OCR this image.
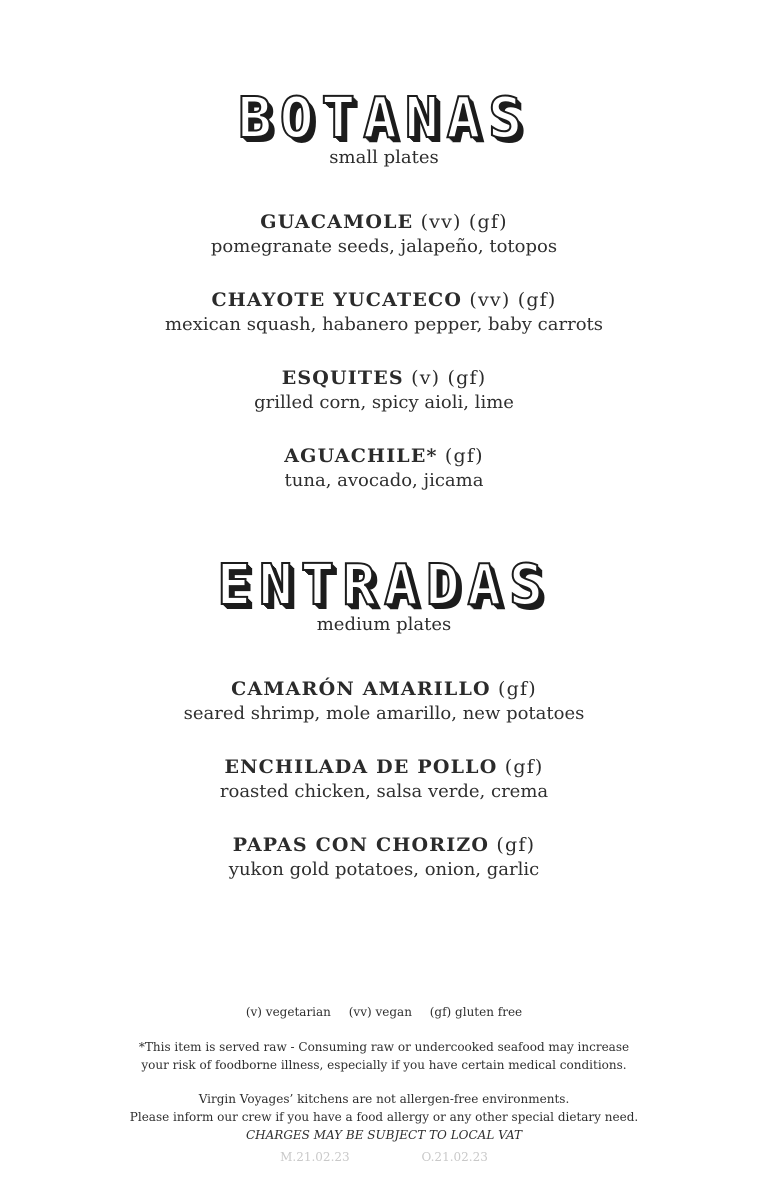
BOTANAS
small plates
GUACAMOLE (vv) (gf)
pomegranate seeds, jalapeño, totopos
CHAYOTE YUCATECO (vv) (gf)
mexican squash, habanero pepper, baby carrots
ESQUITES (v) (gf)
grilled corn, spicy aioli, lime
AGUACHILE* (gf)
tuna, avocado, jicama
ENTRADAS
medium plates
CAMARÓN AMARILLO (gf)
seared shrimp, mole amarillo, new potatoes
ENCHILADA DE POLLO (gf)
roasted chicken, salsa verde, crema
PAPAS CON CHORIZO (gf)
yukon gold potatoes, onion, garlic
(v) vegetarian (vv) vegan (gf) gluten free
*This item is served raw - Consuming raw or undercooked seafood may increase
your risk of foodborne illness, especially if you have certain medical conditions.
Virgin Voyages’ kitchens are not allergen-free environments.
Please inform our crew if you have a food allergy or any other special dietary need.
CHARGES MAY BE SUBJECT TO LOCAL VAT
M.21.02.23	O.21.02.23
